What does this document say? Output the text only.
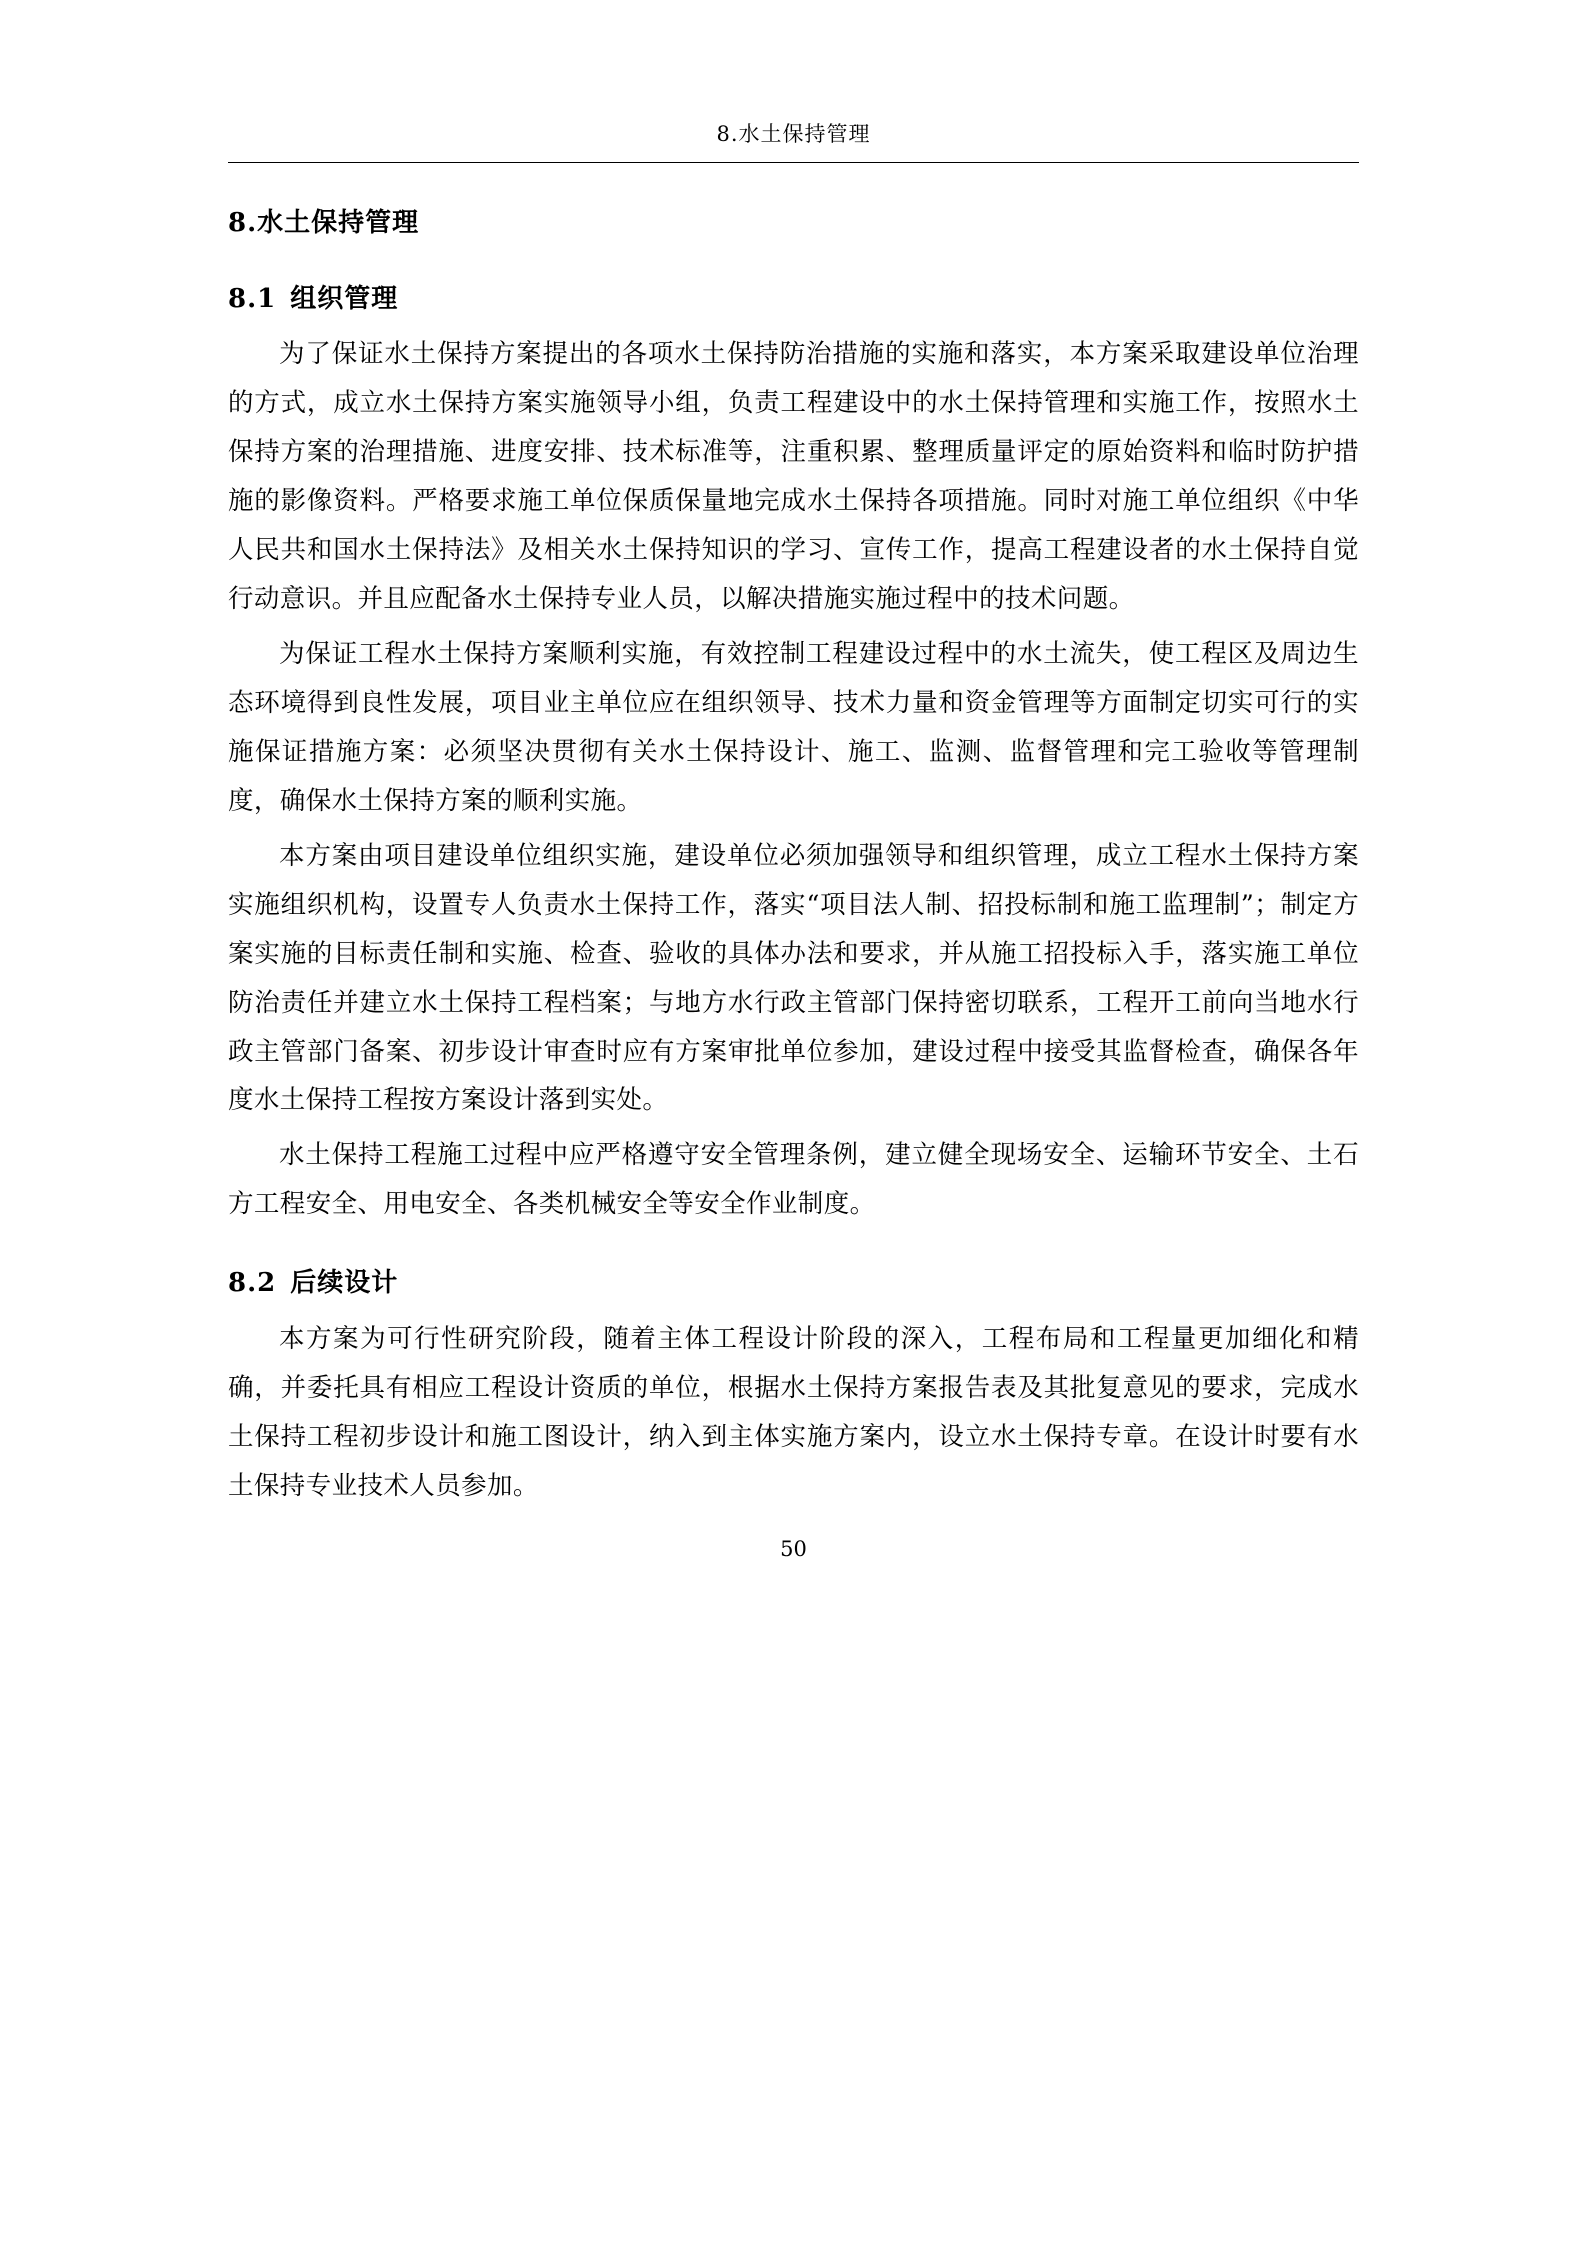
8.水土保持管理
8.水土保持管理
8.1 组织管理

为了保证水土保持方案提出的各项水土保持防治措施的实施和落实，本方案采取建设单位治理的方式，成立水土保持方案实施领导小组，负责工程建设中的水土保持管理和实施工作，按照水土保持方案的治理措施、进度安排、技术标准等，注重积累、整理质量评定的原始资料和临时防护措施的影像资料。严格要求施工单位保质保量地完成水土保持各项措施。同时对施工单位组织《中华人民共和国水土保持法》及相关水土保持知识的学习、宣传工作，提高工程建设者的水土保持自觉行动意识。并且应配备水土保持专业人员，以解决措施实施过程中的技术问题。

为保证工程水土保持方案顺利实施，有效控制工程建设过程中的水土流失，使工程区及周边生态环境得到良性发展，项目业主单位应在组织领导、技术力量和资金管理等方面制定切实可行的实施保证措施方案：必须坚决贯彻有关水土保持设计、施工、监测、监督管理和完工验收等管理制度，确保水土保持方案的顺利实施。

本方案由项目建设单位组织实施，建设单位必须加强领导和组织管理，成立工程水土保持方案实施组织机构，设置专人负责水土保持工作，落实“项目法人制、招投标制和施工监理制”；制定方案实施的目标责任制和实施、检查、验收的具体办法和要求，并从施工招投标入手，落实施工单位防治责任并建立水土保持工程档案；与地方水行政主管部门保持密切联系，工程开工前向当地水行政主管部门备案、初步设计审查时应有方案审批单位参加，建设过程中接受其监督检查，确保各年度水土保持工程按方案设计落到实处。

水土保持工程施工过程中应严格遵守安全管理条例，建立健全现场安全、运输环节安全、土石方工程安全、用电安全、各类机械安全等安全作业制度。

8.2 后续设计

本方案为可行性研究阶段，随着主体工程设计阶段的深入，工程布局和工程量更加细化和精确，并委托具有相应工程设计资质的单位，根据水土保持方案报告表及其批复意见的要求，完成水土保持工程初步设计和施工图设计，纳入到主体实施方案内，设立水土保持专章。在设计时要有水土保持专业技术人员参加。

50
